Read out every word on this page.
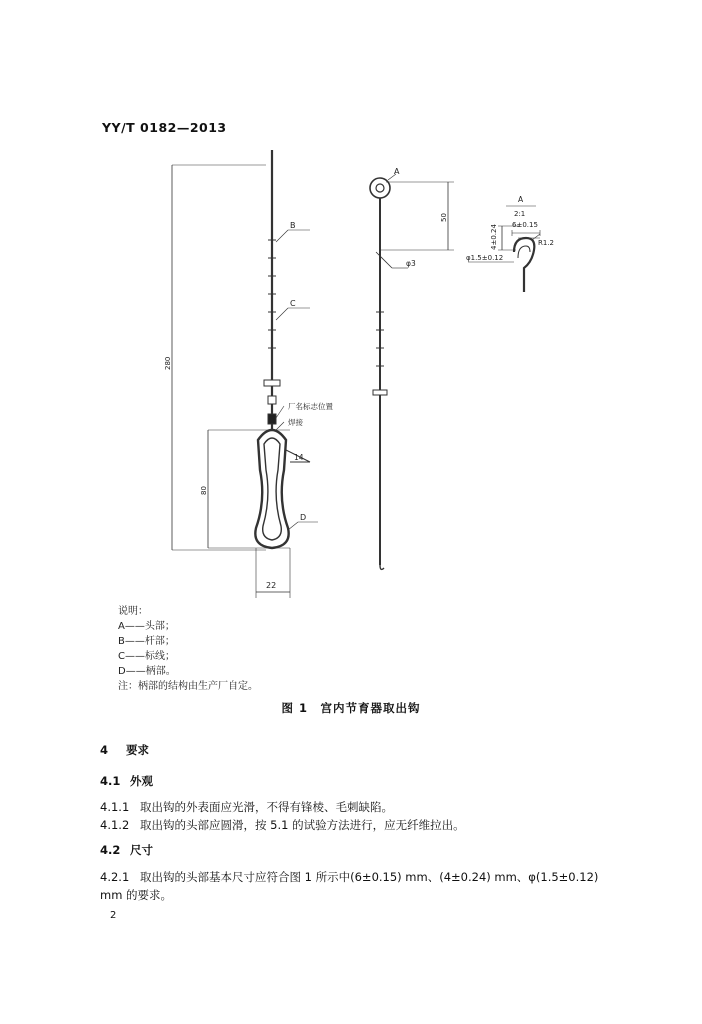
YY/T 0182—2013
B
C
D
厂名标志位置
焊接
14
22
280
80
A
φ3
50
A
2:1
6±0.15
R1.2
φ1.5±0.12
4±0.24
说明：
A——头部；
B——杆部；
C——标线；
D——柄部。
注：柄部的结构由生产厂自定。
图 1　宫内节育器取出钩
4 要求
4.1 外观
4.1.1 取出钩的外表面应光滑，不得有锋棱、毛刺缺陷。
4.1.2 取出钩的头部应圆滑，按 5.1 的试验方法进行，应无纤维拉出。
4.2 尺寸
4.2.1 取出钩的头部基本尺寸应符合图 1 所示中(6±0.15) mm、(4±0.24) mm、φ(1.5±0.12) mm 的要求。
2
